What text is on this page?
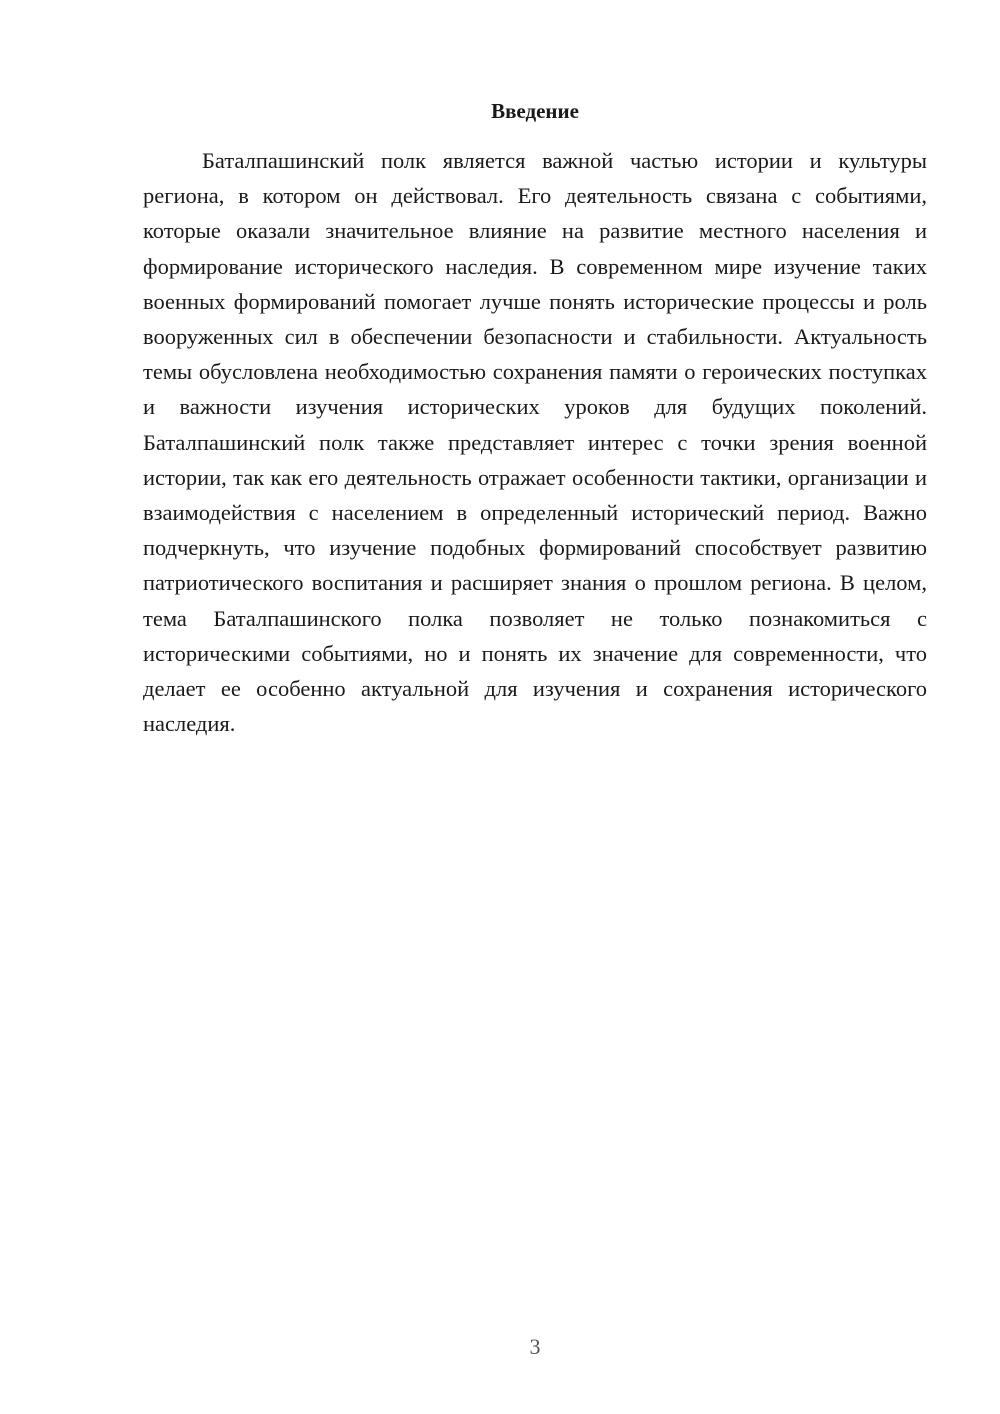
Введение

Баталпашинский полк является важной частью истории и культуры региона, в котором он действовал. Его деятельность связана с событиями, которые оказали значительное влияние на развитие местного населения и формирование исторического наследия. В современном мире изучение таких военных формирований помогает лучше понять исторические процессы и роль вооруженных сил в обеспечении безопасности и стабильности. Актуальность темы обусловлена необходимостью сохранения памяти о героических поступках и важности изучения исторических уроков для будущих поколений. Баталпашинский полк также представляет интерес с точки зрения военной истории, так как его деятельность отражает особенности тактики, организации и взаимодействия с населением в определенный исторический период. Важно подчеркнуть, что изучение подобных формирований способствует развитию патриотического воспитания и расширяет знания о прошлом региона. В целом, тема Баталпашинского полка позволяет не только познакомиться с историческими событиями, но и понять их значение для современности, что делает ее особенно актуальной для изучения и сохранения исторического наследия.

3
